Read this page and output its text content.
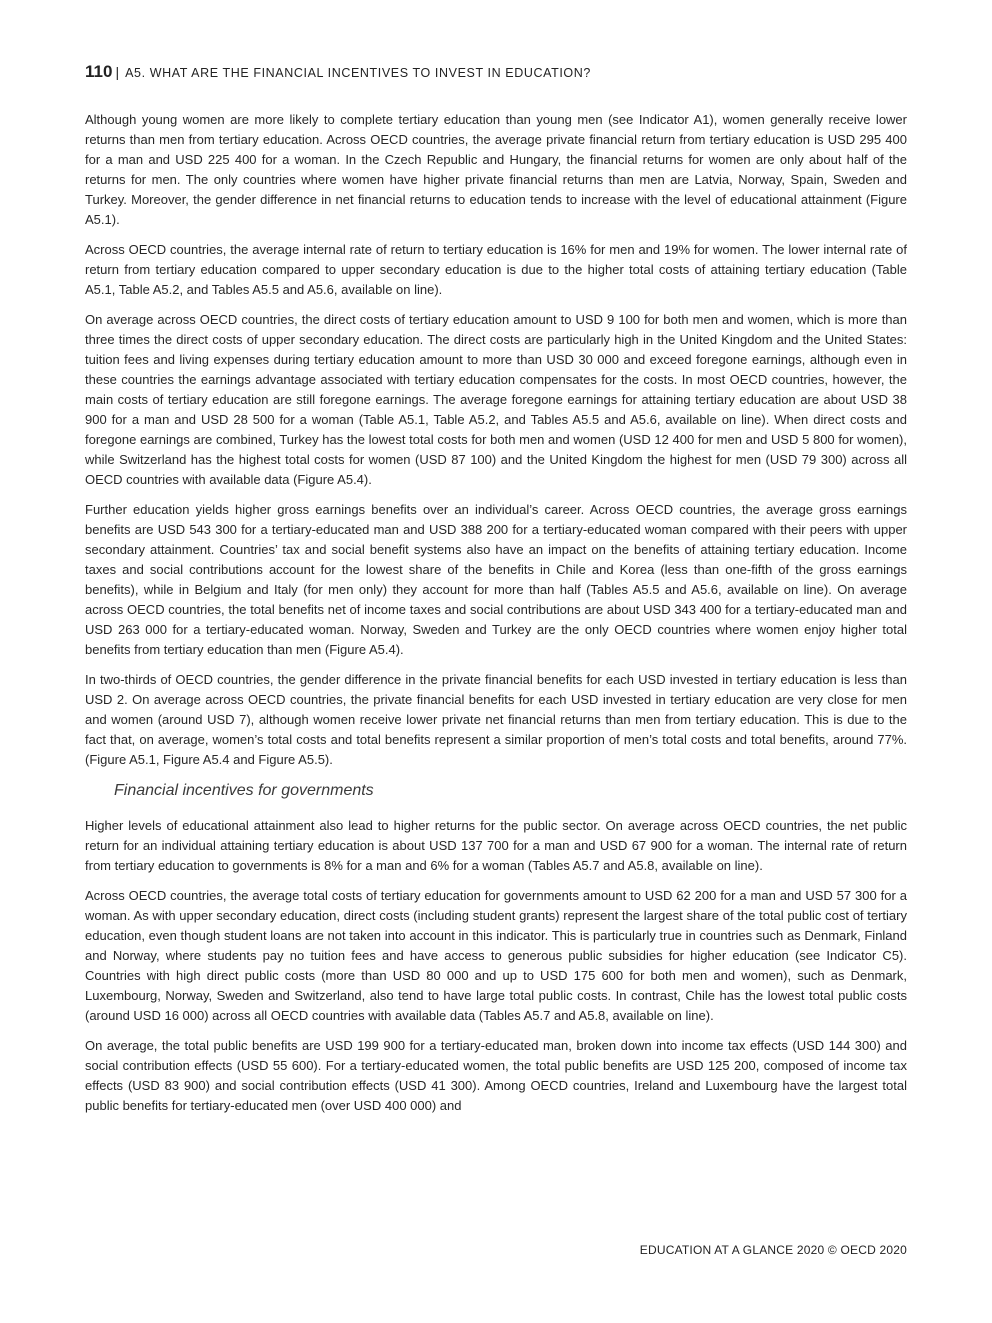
110 | A5. WHAT ARE THE FINANCIAL INCENTIVES TO INVEST IN EDUCATION?

Although young women are more likely to complete tertiary education than young men (see Indicator A1), women generally receive lower returns than men from tertiary education. Across OECD countries, the average private financial return from tertiary education is USD 295 400 for a man and USD 225 400 for a woman. In the Czech Republic and Hungary, the financial returns for women are only about half of the returns for men. The only countries where women have higher private financial returns than men are Latvia, Norway, Spain, Sweden and Turkey. Moreover, the gender difference in net financial returns to education tends to increase with the level of educational attainment (Figure A5.1).

Across OECD countries, the average internal rate of return to tertiary education is 16% for men and 19% for women. The lower internal rate of return from tertiary education compared to upper secondary education is due to the higher total costs of attaining tertiary education (Table A5.1, Table A5.2, and Tables A5.5 and A5.6, available on line).

On average across OECD countries, the direct costs of tertiary education amount to USD 9 100 for both men and women, which is more than three times the direct costs of upper secondary education. The direct costs are particularly high in the United Kingdom and the United States: tuition fees and living expenses during tertiary education amount to more than USD 30 000 and exceed foregone earnings, although even in these countries the earnings advantage associated with tertiary education compensates for the costs. In most OECD countries, however, the main costs of tertiary education are still foregone earnings. The average foregone earnings for attaining tertiary education are about USD 38 900 for a man and USD 28 500 for a woman (Table A5.1, Table A5.2, and Tables A5.5 and A5.6, available on line). When direct costs and foregone earnings are combined, Turkey has the lowest total costs for both men and women (USD 12 400 for men and USD 5 800 for women), while Switzerland has the highest total costs for women (USD 87 100) and the United Kingdom the highest for men (USD 79 300) across all OECD countries with available data (Figure A5.4).

Further education yields higher gross earnings benefits over an individual’s career. Across OECD countries, the average gross earnings benefits are USD 543 300 for a tertiary-educated man and USD 388 200 for a tertiary-educated woman compared with their peers with upper secondary attainment. Countries’ tax and social benefit systems also have an impact on the benefits of attaining tertiary education. Income taxes and social contributions account for the lowest share of the benefits in Chile and Korea (less than one-fifth of the gross earnings benefits), while in Belgium and Italy (for men only) they account for more than half (Tables A5.5 and A5.6, available on line). On average across OECD countries, the total benefits net of income taxes and social contributions are about USD 343 400 for a tertiary-educated man and USD 263 000 for a tertiary-educated woman. Norway, Sweden and Turkey are the only OECD countries where women enjoy higher total benefits from tertiary education than men (Figure A5.4).

In two-thirds of OECD countries, the gender difference in the private financial benefits for each USD invested in tertiary education is less than USD 2. On average across OECD countries, the private financial benefits for each USD invested in tertiary education are very close for men and women (around USD 7), although women receive lower private net financial returns than men from tertiary education. This is due to the fact that, on average, women’s total costs and total benefits represent a similar proportion of men’s total costs and total benefits, around 77%. (Figure A5.1, Figure A5.4 and Figure A5.5).

Financial incentives for governments

Higher levels of educational attainment also lead to higher returns for the public sector. On average across OECD countries, the net public return for an individual attaining tertiary education is about USD 137 700 for a man and USD 67 900 for a woman. The internal rate of return from tertiary education to governments is 8% for a man and 6% for a woman (Tables A5.7 and A5.8, available on line).

Across OECD countries, the average total costs of tertiary education for governments amount to USD 62 200 for a man and USD 57 300 for a woman. As with upper secondary education, direct costs (including student grants) represent the largest share of the total public cost of tertiary education, even though student loans are not taken into account in this indicator. This is particularly true in countries such as Denmark, Finland and Norway, where students pay no tuition fees and have access to generous public subsidies for higher education (see Indicator C5). Countries with high direct public costs (more than USD 80 000 and up to USD 175 600 for both men and women), such as Denmark, Luxembourg, Norway, Sweden and Switzerland, also tend to have large total public costs. In contrast, Chile has the lowest total public costs (around USD 16 000) across all OECD countries with available data (Tables A5.7 and A5.8, available on line).

On average, the total public benefits are USD 199 900 for a tertiary-educated man, broken down into income tax effects (USD 144 300) and social contribution effects (USD 55 600). For a tertiary-educated women, the total public benefits are USD 125 200, composed of income tax effects (USD 83 900) and social contribution effects (USD 41 300). Among OECD countries, Ireland and Luxembourg have the largest total public benefits for tertiary-educated men (over USD 400 000) and

EDUCATION AT A GLANCE 2020 © OECD 2020
